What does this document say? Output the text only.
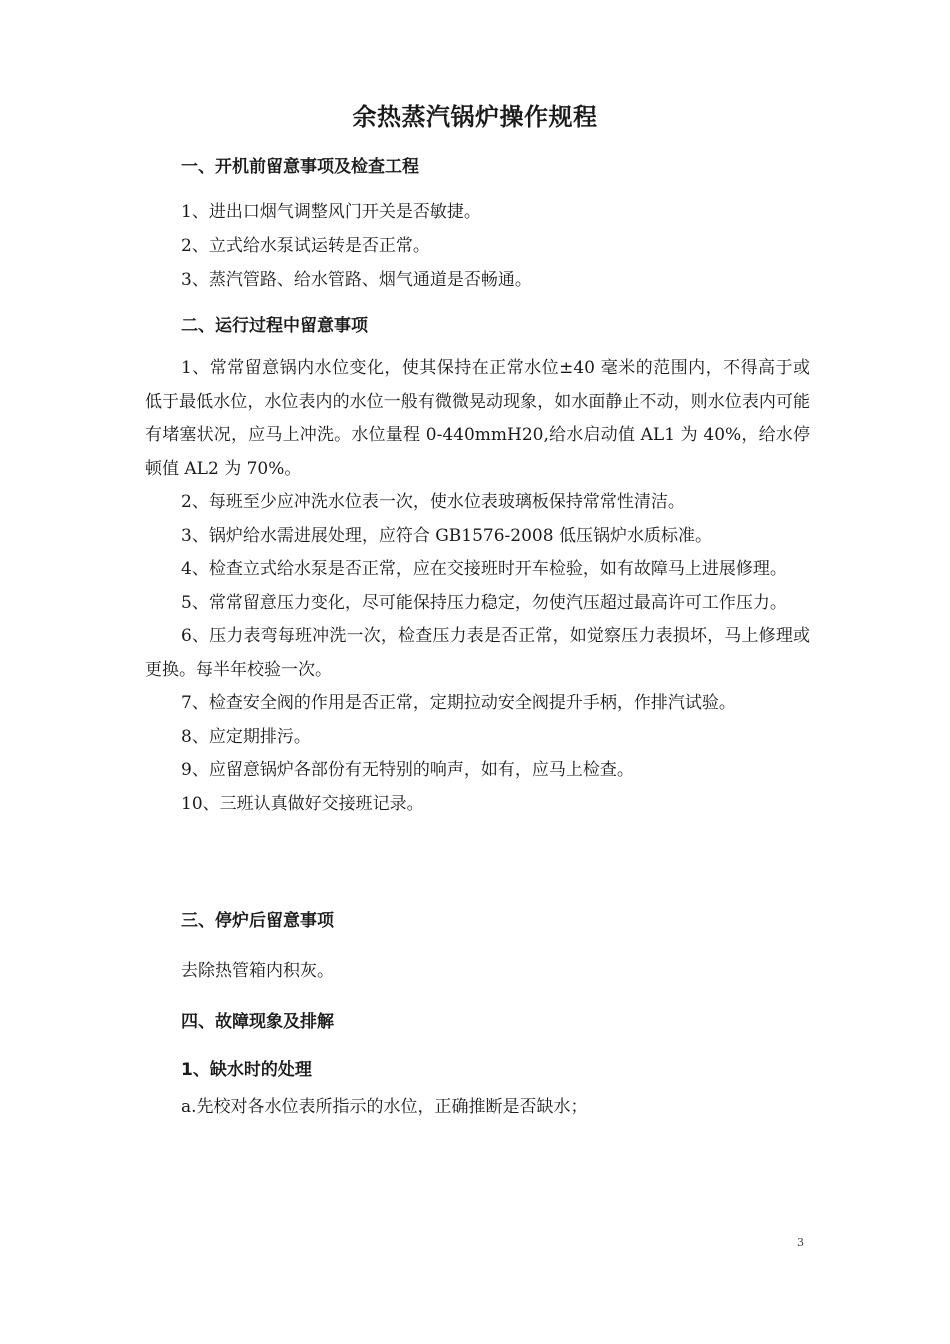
余热蒸汽锅炉操作规程
一、开机前留意事项及检查工程
1、进出口烟气调整风门开关是否敏捷。
2、立式给水泵试运转是否正常。
3、蒸汽管路、给水管路、烟气通道是否畅通。
二、运行过程中留意事项

1、常常留意锅内水位变化，使其保持在正常水位±40 毫米的范围内，不得高于或低于最低水位，水位表内的水位一般有微微晃动现象，如水面静止不动，则水位表内可能有堵塞状况，应马上冲洗。水位量程 0-440mmH20,给水启动值 AL1 为 40%，给水停顿值 AL2 为 70%。

2、每班至少应冲洗水位表一次，使水位表玻璃板保持常常性清洁。

3、锅炉给水需进展处理，应符合 GB1576-2008 低压锅炉水质标准。

4、检查立式给水泵是否正常，应在交接班时开车检验，如有故障马上进展修理。

5、常常留意压力变化，尽可能保持压力稳定，勿使汽压超过最高许可工作压力。

6、压力表弯每班冲洗一次，检查压力表是否正常，如觉察压力表损坏，马上修理或更换。每半年校验一次。

7、检查安全阀的作用是否正常，定期拉动安全阀提升手柄，作排汽试验。

8、应定期排污。

9、应留意锅炉各部份有无特别的响声，如有，应马上检查。

10、三班认真做好交接班记录。

三、停炉后留意事项
去除热管箱内积灰。
四、故障现象及排解
1、缺水时的处理
a.先校对各水位表所指示的水位，正确推断是否缺水；
3
